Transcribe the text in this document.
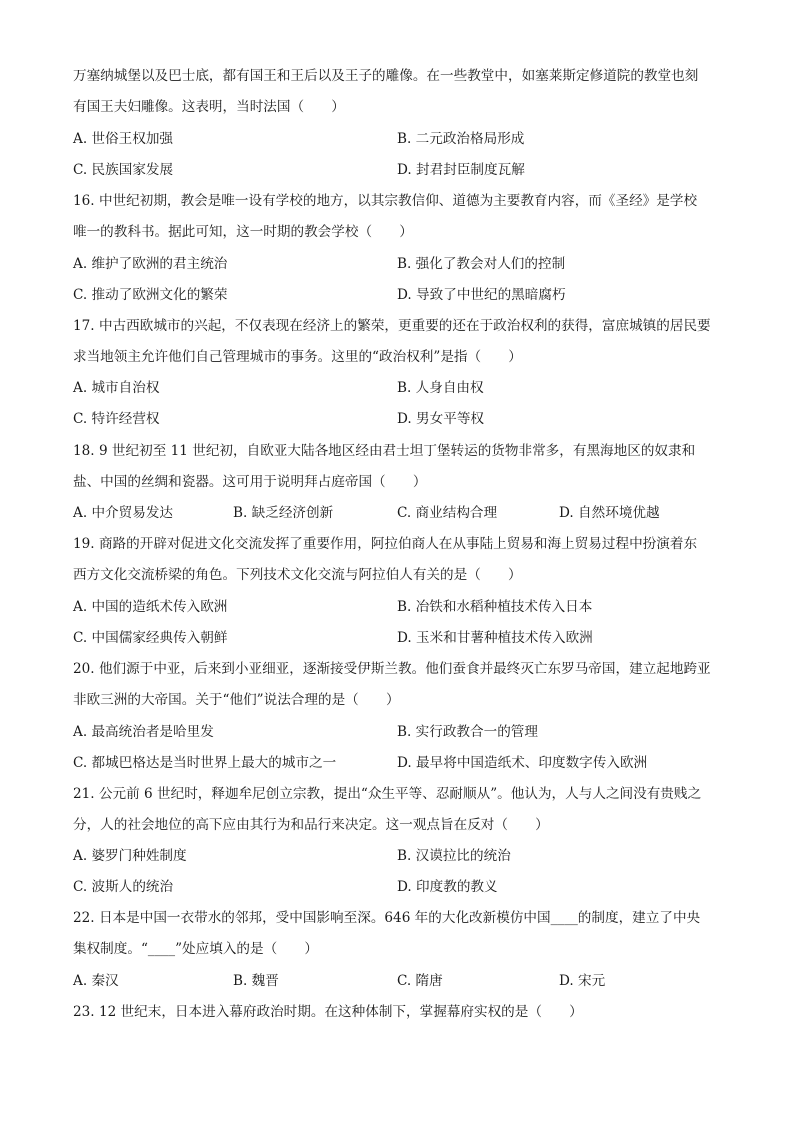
万塞纳城堡以及巴士底，都有国王和王后以及王子的雕像。在一些教堂中，如塞莱斯定修道院的教堂也刻
有国王夫妇雕像。这表明，当时法国（　　）
A. 世俗王权加强	B. 二元政治格局形成
C. 民族国家发展	D. 封君封臣制度瓦解
16. 中世纪初期，教会是唯一设有学校的地方，以其宗教信仰、道德为主要教育内容，而《圣经》是学校
唯一的教科书。据此可知，这一时期的教会学校（　　）
A. 维护了欧洲的君主统治	B. 强化了教会对人们的控制
C. 推动了欧洲文化的繁荣	D. 导致了中世纪的黑暗腐朽
17. 中古西欧城市的兴起，不仅表现在经济上的繁荣，更重要的还在于政治权利的获得，富庶城镇的居民要
求当地领主允许他们自己管理城市的事务。这里的“政治权利”是指（　　）
A. 城市自治权	B. 人身自由权
C. 特许经营权	D. 男女平等权
18. 9 世纪初至 11 世纪初，自欧亚大陆各地区经由君士坦丁堡转运的货物非常多，有黑海地区的奴隶和
盐、中国的丝绸和瓷器。这可用于说明拜占庭帝国（　　）
A. 中介贸易发达	B. 缺乏经济创新	C. 商业结构合理	D. 自然环境优越
19. 商路的开辟对促进文化交流发挥了重要作用，阿拉伯商人在从事陆上贸易和海上贸易过程中扮演着东
西方文化交流桥梁的角色。下列技术文化交流与阿拉伯人有关的是（　　）
A. 中国的造纸术传入欧洲	B. 冶铁和水稻种植技术传入日本
C. 中国儒家经典传入朝鲜	D. 玉米和甘薯种植技术传入欧洲
20. 他们源于中亚，后来到小亚细亚，逐渐接受伊斯兰教。他们蚕食并最终灭亡东罗马帝国，建立起地跨亚
非欧三洲的大帝国。关于“他们”说法合理的是（　　）
A. 最高统治者是哈里发	B. 实行政教合一的管理
C. 都城巴格达是当时世界上最大的城市之一	D. 最早将中国造纸术、印度数字传入欧洲
21. 公元前 6 世纪时，释迦牟尼创立宗教，提出“众生平等、忍耐顺从”。他认为，人与人之间没有贵贱之
分，人的社会地位的高下应由其行为和品行来决定。这一观点旨在反对（　　）
A. 婆罗门种姓制度	B. 汉谟拉比的统治
C. 波斯人的统治	D. 印度教的教义
22. 日本是中国一衣带水的邻邦，受中国影响至深。646 年的大化改新模仿中国____的制度，建立了中央
集权制度。“____”处应填入的是（　　）
A. 秦汉	B. 魏晋	C. 隋唐	D. 宋元
23. 12 世纪末，日本进入幕府政治时期。在这种体制下，掌握幕府实权的是（　　）
